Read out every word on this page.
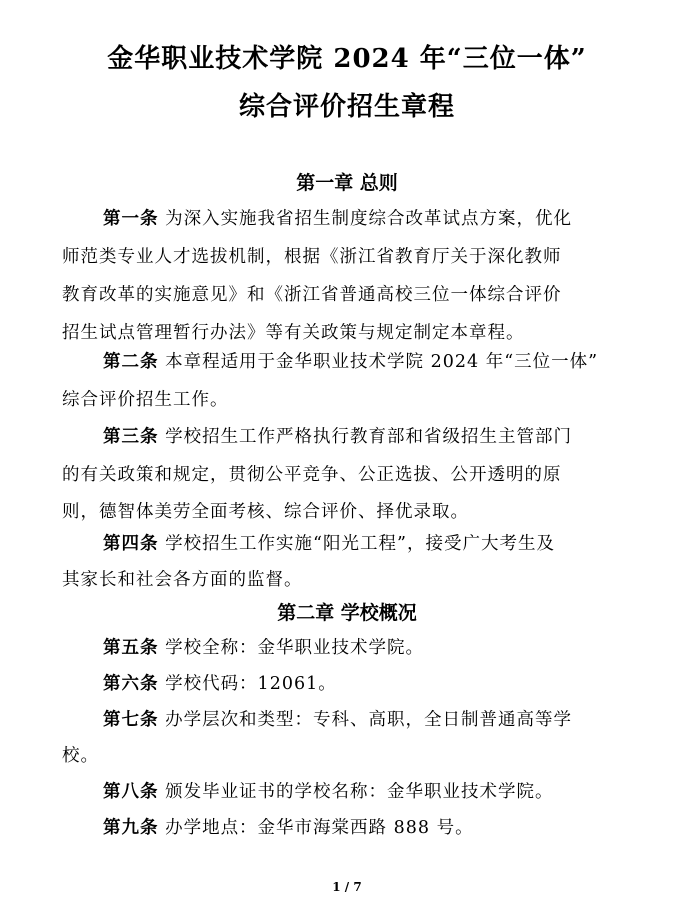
金华职业技术学院 2024 年“三位一体”
综合评价招生章程
第一章 总则
第一条 为深入实施我省招生制度综合改革试点方案，优化
师范类专业人才选拔机制，根据《浙江省教育厅关于深化教师
教育改革的实施意见》和《浙江省普通高校三位一体综合评价
招生试点管理暂行办法》等有关政策与规定制定本章程。
第二条 本章程适用于金华职业技术学院 2024 年“三位一体”
综合评价招生工作。
第三条 学校招生工作严格执行教育部和省级招生主管部门
的有关政策和规定，贯彻公平竞争、公正选拔、公开透明的原
则，德智体美劳全面考核、综合评价、择优录取。
第四条 学校招生工作实施“阳光工程”，接受广大考生及
其家长和社会各方面的监督。
第二章 学校概况
第五条 学校全称：金华职业技术学院。
第六条 学校代码：12061。
第七条 办学层次和类型：专科、高职，全日制普通高等学
校。
第八条 颁发毕业证书的学校名称：金华职业技术学院。
第九条 办学地点：金华市海棠西路 888 号。
1 / 7
